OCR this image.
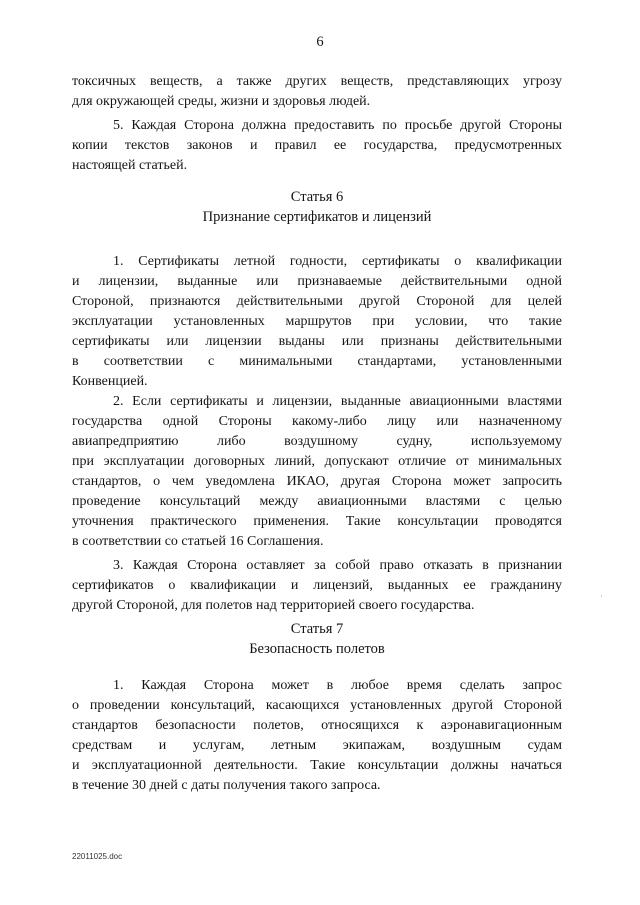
6
токсичных веществ, а также других веществ, представляющих угрозу
для окружающей среды, жизни и здоровья людей.
5. Каждая Сторона должна предоставить по просьбе другой Стороны
копии текстов законов и правил ее государства, предусмотренных
настоящей статьей.
1. Сертификаты летной годности, сертификаты о квалификации
и лицензии, выданные или признаваемые действительными одной
Стороной, признаются действительными другой Стороной для целей
эксплуатации установленных маршрутов при условии, что такие
сертификаты или лицензии выданы или признаны действительными
в соответствии с минимальными стандартами, установленными
Конвенцией.
2. Если сертификаты и лицензии, выданные авиационными властями
государства одной Стороны какому-либо лицу или назначенному
авиапредприятию либо воздушному судну, используемому
при эксплуатации договорных линий, допускают отличие от минимальных
стандартов, о чем уведомлена ИКАО, другая Сторона может запросить
проведение консультаций между авиационными властями с целью
уточнения практического применения. Такие консультации проводятся
в соответствии со статьей 16 Соглашения.
3. Каждая Сторона оставляет за собой право отказать в признании
сертификатов о квалификации и лицензий, выданных ее гражданину
другой Стороной, для полетов над территорией своего государства.
1. Каждая Сторона может в любое время сделать запрос
о проведении консультаций, касающихся установленных другой Стороной
стандартов безопасности полетов, относящихся к аэронавигационным
средствам и услугам, летным экипажам, воздушным судам
и эксплуатационной деятельности. Такие консультации должны начаться
в течение 30 дней с даты получения такого запроса.
Статья 6
Признание сертификатов и лицензий
Статья 7
Безопасность полетов
22011025.doc
·
